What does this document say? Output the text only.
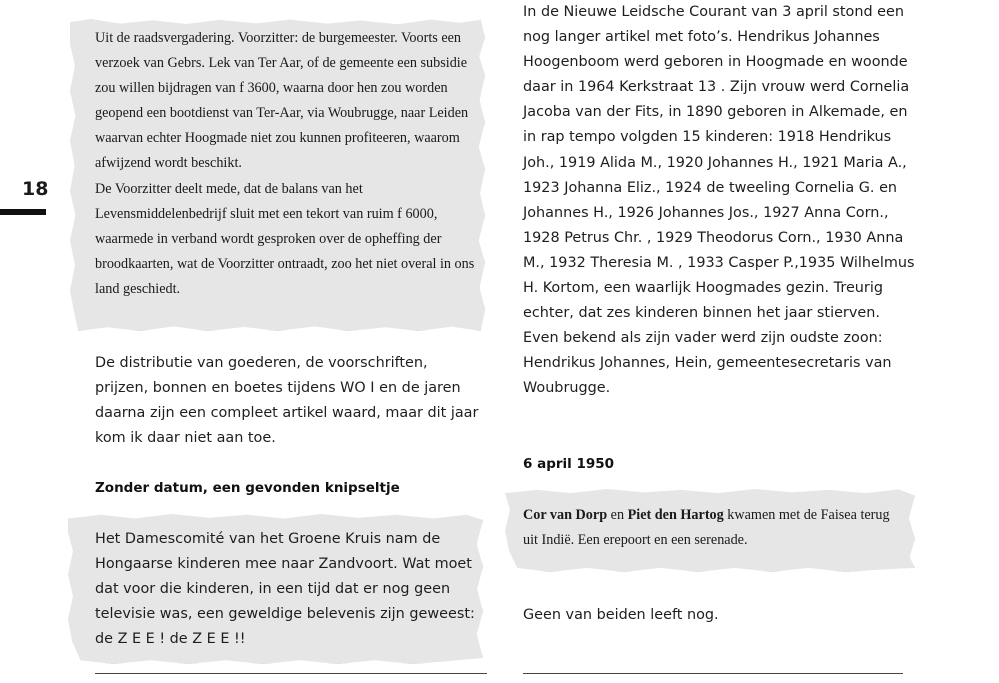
18

Uit de raadsvergadering. Voorzitter: de burgemeester. Voorts een verzoek van Gebrs. Lek van Ter Aar, of de gemeente een subsidie zou willen bijdragen van f 3600, waarna door hen zou worden geopend een bootdienst van Ter-Aar, via Woubrugge, naar Leiden waarvan echter Hoogmade niet zou kunnen profiteeren, waarom afwijzend wordt beschikt.

De Voorzitter deelt mede, dat de balans van het Levensmiddelenbedrijf sluit met een tekort van ruim f 6000, waarmede in verband wordt gesproken over de opheffing der broodkaarten, wat de Voorzitter ontraadt, zoo het niet overal in ons land geschiedt.

De distributie van goederen, de voorschriften, prijzen, bonnen en boetes tijdens WO I en de jaren daarna zijn een compleet artikel waard, maar dit jaar kom ik daar niet aan toe.

Zonder datum, een gevonden knipseltje

Het Damescomité van het Groene Kruis nam de Hongaarse kinderen mee naar Zandvoort. Wat moet dat voor die kinderen, in een tijd dat er nog geen televisie was, een geweldige belevenis zijn geweest: de Z E E ! de Z E E !!

In de Nieuwe Leidsche Courant van 3 april stond een nog langer artikel met foto’s. Hendrikus Johannes Hoogenboom werd geboren in Hoogmade en woonde daar in 1964 Kerkstraat 13 . Zijn vrouw werd Cornelia Jacoba van der Fits, in 1890 geboren in Alkemade, en in rap tempo volgden 15 kinderen: 1918 Hendrikus Joh., 1919 Alida M., 1920 Johannes H., 1921 Maria A., 1923 Johanna Eliz., 1924 de tweeling Cornelia G. en Johannes H., 1926 Johannes Jos., 1927 Anna Corn., 1928 Petrus Chr. , 1929 Theodorus Corn., 1930 Anna M., 1932 Theresia M. , 1933 Casper P.,1935 Wilhelmus H. Kortom, een waarlijk Hoogmades gezin. Treurig echter, dat zes kinderen binnen het jaar stierven. Even bekend als zijn vader werd zijn oudste zoon: Hendrikus Johannes, Hein, gemeentesecretaris van Woubrugge.

6 april 1950

Cor van Dorp en Piet den Hartog kwamen met de Faisea terug uit Indië. Een erepoort en een serenade.

Geen van beiden leeft nog.
